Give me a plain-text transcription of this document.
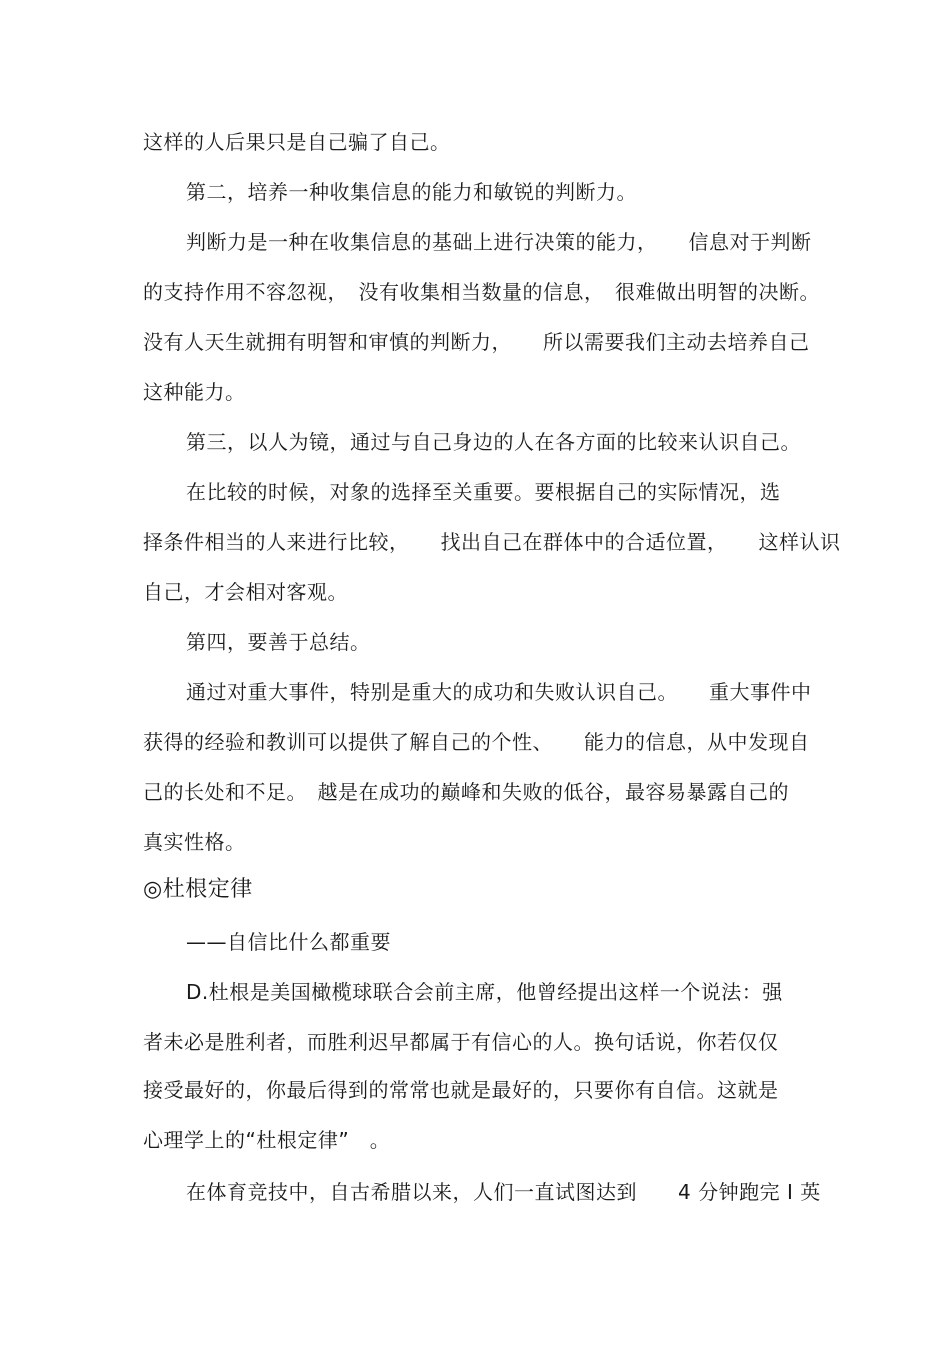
这样的人后果只是自己骗了自己。
第二，培养一种收集信息的能力和敏锐的判断力。
判断力是一种在收集信息的基础上进行决策的能力，　　信息对于判断
的支持作用不容忽视，　没有收集相当数量的信息，　很难做出明智的决断。
没有人天生就拥有明智和审慎的判断力，　　所以需要我们主动去培养自己
这种能力。
第三，以人为镜，通过与自己身边的人在各方面的比较来认识自己。
在比较的时候，对象的选择至关重要。要根据自己的实际情况，选
择条件相当的人来进行比较，　　找出自己在群体中的合适位置，　　这样认识
自己，才会相对客观。
第四，要善于总结。
通过对重大事件，特别是重大的成功和失败认识自己。　　重大事件中
获得的经验和教训可以提供了解自己的个性、　　能力的信息，从中发现自
己的长处和不足。　越是在成功的巅峰和失败的低谷，最容易暴露自己的
真实性格。
◎杜根定律
——自信比什么都重要
D.杜根是美国橄榄球联合会前主席，他曾经提出这样一个说法：强
者未必是胜利者，而胜利迟早都属于有信心的人。换句话说，你若仅仅
接受最好的，你最后得到的常常也就是最好的，只要你有自信。这就是
心理学上的“杜根定律”　。
在体育竞技中，自古希腊以来，人们一直试图达到　　4 分钟跑完 I 英
